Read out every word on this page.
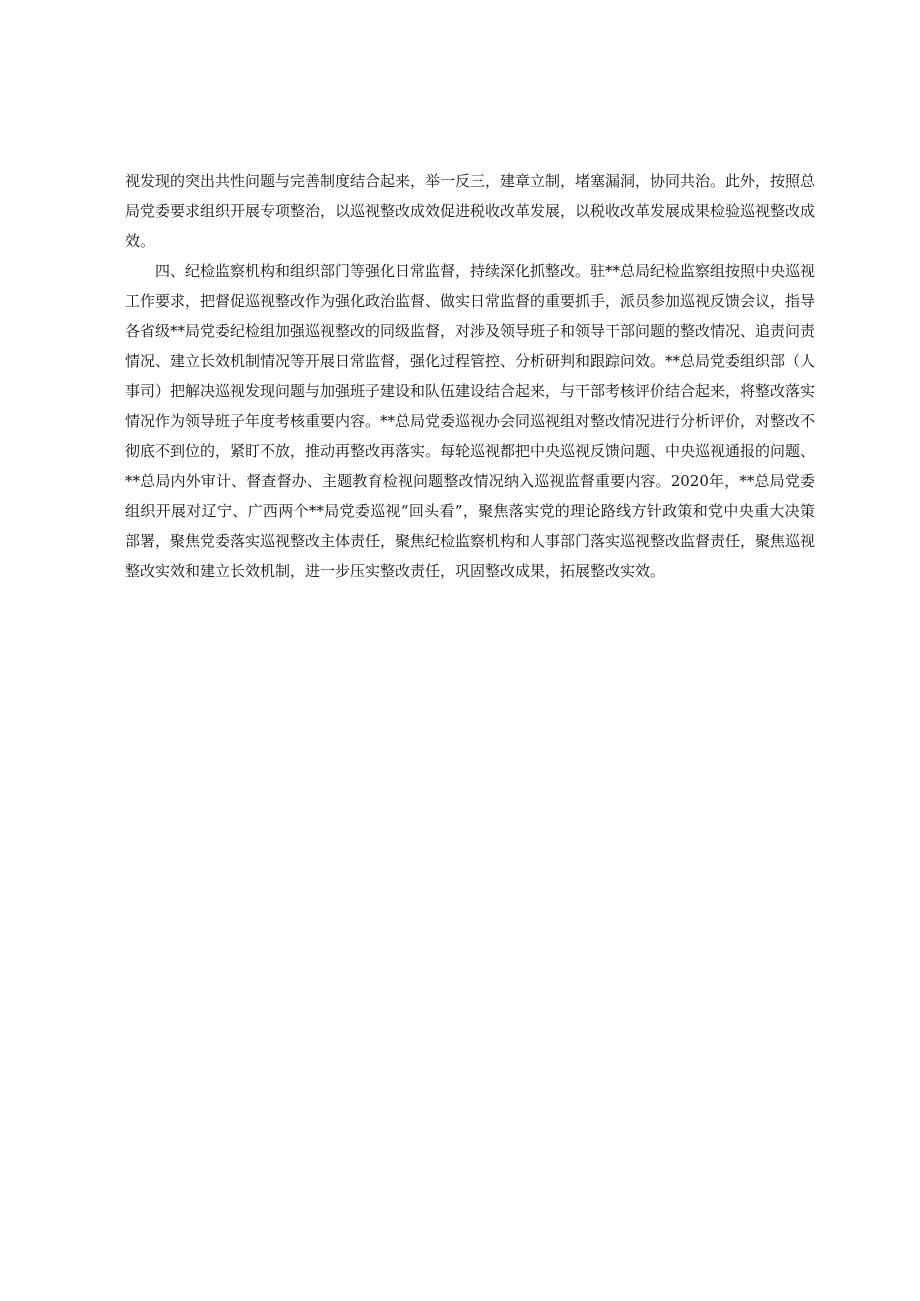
视发现的突出共性问题与完善制度结合起来，举一反三，建章立制，堵塞漏洞，协同共治。此外，按照总局党委要求组织开展专项整治，以巡视整改成效促进税收改革发展，以税收改革发展成果检验巡视整改成效。

四、纪检监察机构和组织部门等强化日常监督，持续深化抓整改。驻**总局纪检监察组按照中央巡视工作要求，把督促巡视整改作为强化政治监督、做实日常监督的重要抓手，派员参加巡视反馈会议，指导各省级**局党委纪检组加强巡视整改的同级监督，对涉及领导班子和领导干部问题的整改情况、追责问责情况、建立长效机制情况等开展日常监督，强化过程管控、分析研判和跟踪问效。**总局党委组织部（人事司）把解决巡视发现问题与加强班子建设和队伍建设结合起来，与干部考核评价结合起来，将整改落实情况作为领导班子年度考核重要内容。**总局党委巡视办会同巡视组对整改情况进行分析评价，对整改不彻底不到位的，紧盯不放，推动再整改再落实。每轮巡视都把中央巡视反馈问题、中央巡视通报的问题、**总局内外审计、督查督办、主题教育检视问题整改情况纳入巡视监督重要内容。2020年，**总局党委组织开展对辽宁、广西两个**局党委巡视“回头看”，聚焦落实党的理论路线方针政策和党中央重大决策部署，聚焦党委落实巡视整改主体责任，聚焦纪检监察机构和人事部门落实巡视整改监督责任，聚焦巡视整改实效和建立长效机制，进一步压实整改责任，巩固整改成果，拓展整改实效。
